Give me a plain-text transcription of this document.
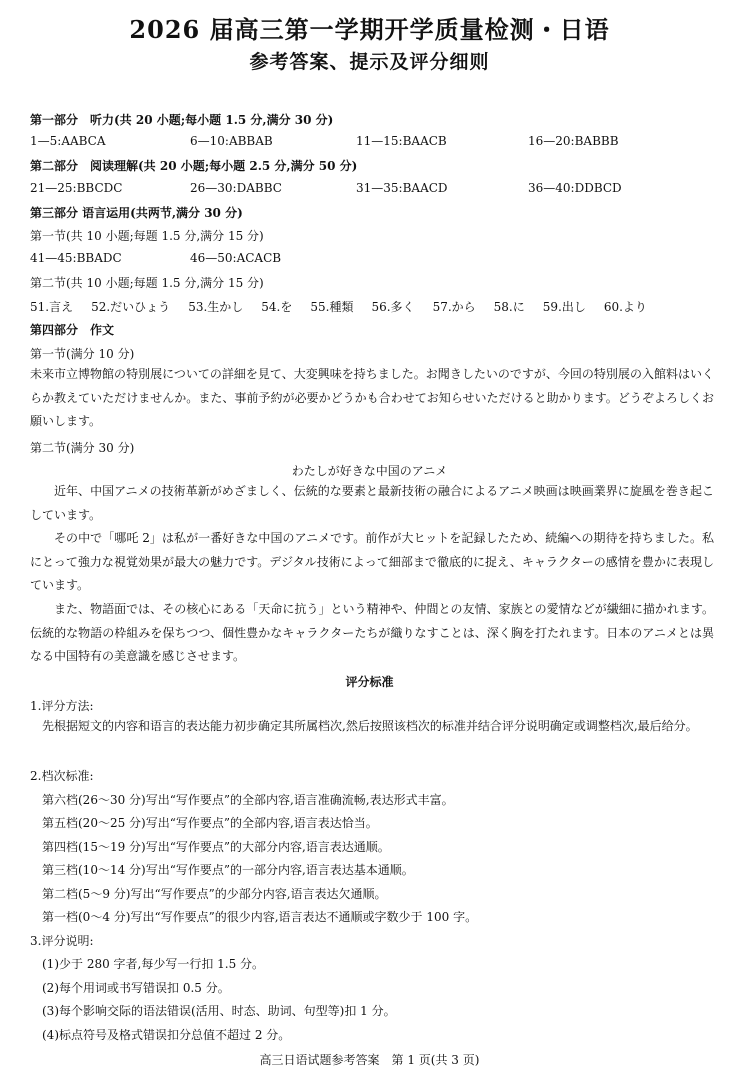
2026 届高三第一学期开学质量检测・日语
参考答案、提示及评分细则
第一部分　听力(共 20 小题;每小题 1.5 分,满分 30 分)
1—5:AABCA	6—10:ABBAB	11—15:BAACB	16—20:BABBB
第二部分　阅读理解(共 20 小题;每小题 2.5 分,满分 50 分)
21—25:BBCDC	26—30:DABBC	31—35:BAACD	36—40:DDBCD
第三部分 语言运用(共两节,满分 30 分)
第一节(共 10 小题;每题 1.5 分,满分 15 分)
41—45:BBADC	46—50:ACACB
第二节(共 10 小题;每题 1.5 分,满分 15 分)
51.言え 52.だいひょう 53.生かし 54.を 55.種類 56.多く 57.から 58.に 59.出し 60.より
第四部分　作文
第一节(满分 10 分)
未来市立博物館の特別展についての詳細を見て、大変興味を持ちました。お聞きしたいのですが、今回の特別展の入館料はいくらか教えていただけませんか。また、事前予約が必要かどうかも合わせてお知らせいただけると助かります。どうぞよろしくお願いします。
第二节(满分 30 分)
わたしが好きな中国のアニメ
近年、中国アニメの技術革新がめざましく、伝統的な要素と最新技術の融合によるアニメ映画は映画業界に旋風を巻き起こしています。
その中で「哪吒 2」は私が一番好きな中国のアニメです。前作が大ヒットを記録したため、続編への期待を持ちました。私にとって強力な視覚効果が最大の魅力です。デジタル技術によって細部まで徹底的に捉え、キャラクターの感情を豊かに表現しています。
また、物語面では、その核心にある「天命に抗う」という精神や、仲間との友情、家族との愛情などが繊細に描かれます。伝統的な物語の枠組みを保ちつつ、個性豊かなキャラクターたちが織りなすことは、深く胸を打たれます。日本のアニメとは異なる中国特有の美意識を感じさせます。
评分标准
1.评分方法:
先根据短文的内容和语言的表达能力初步确定其所属档次,然后按照该档次的标准并结合评分说明确定或调整档次,最后给分。
2.档次标准:
第六档(26～30 分)写出“写作要点”的全部内容,语言准确流畅,表达形式丰富。
第五档(20～25 分)写出“写作要点”的全部内容,语言表达恰当。
第四档(15～19 分)写出“写作要点”的大部分内容,语言表达通顺。
第三档(10～14 分)写出“写作要点”的一部分内容,语言表达基本通顺。
第二档(5～9 分)写出“写作要点”的少部分内容,语言表达欠通顺。
第一档(0～4 分)写出“写作要点”的很少内容,语言表达不通顺或字数少于 100 字。
3.评分说明:
(1)少于 280 字者,每少写一行扣 1.5 分。
(2)每个用词或书写错误扣 0.5 分。
(3)每个影响交际的语法错误(活用、时态、助词、句型等)扣 1 分。
(4)标点符号及格式错误扣分总值不超过 2 分。
高三日语试题参考答案　第 1 页(共 3 页)
